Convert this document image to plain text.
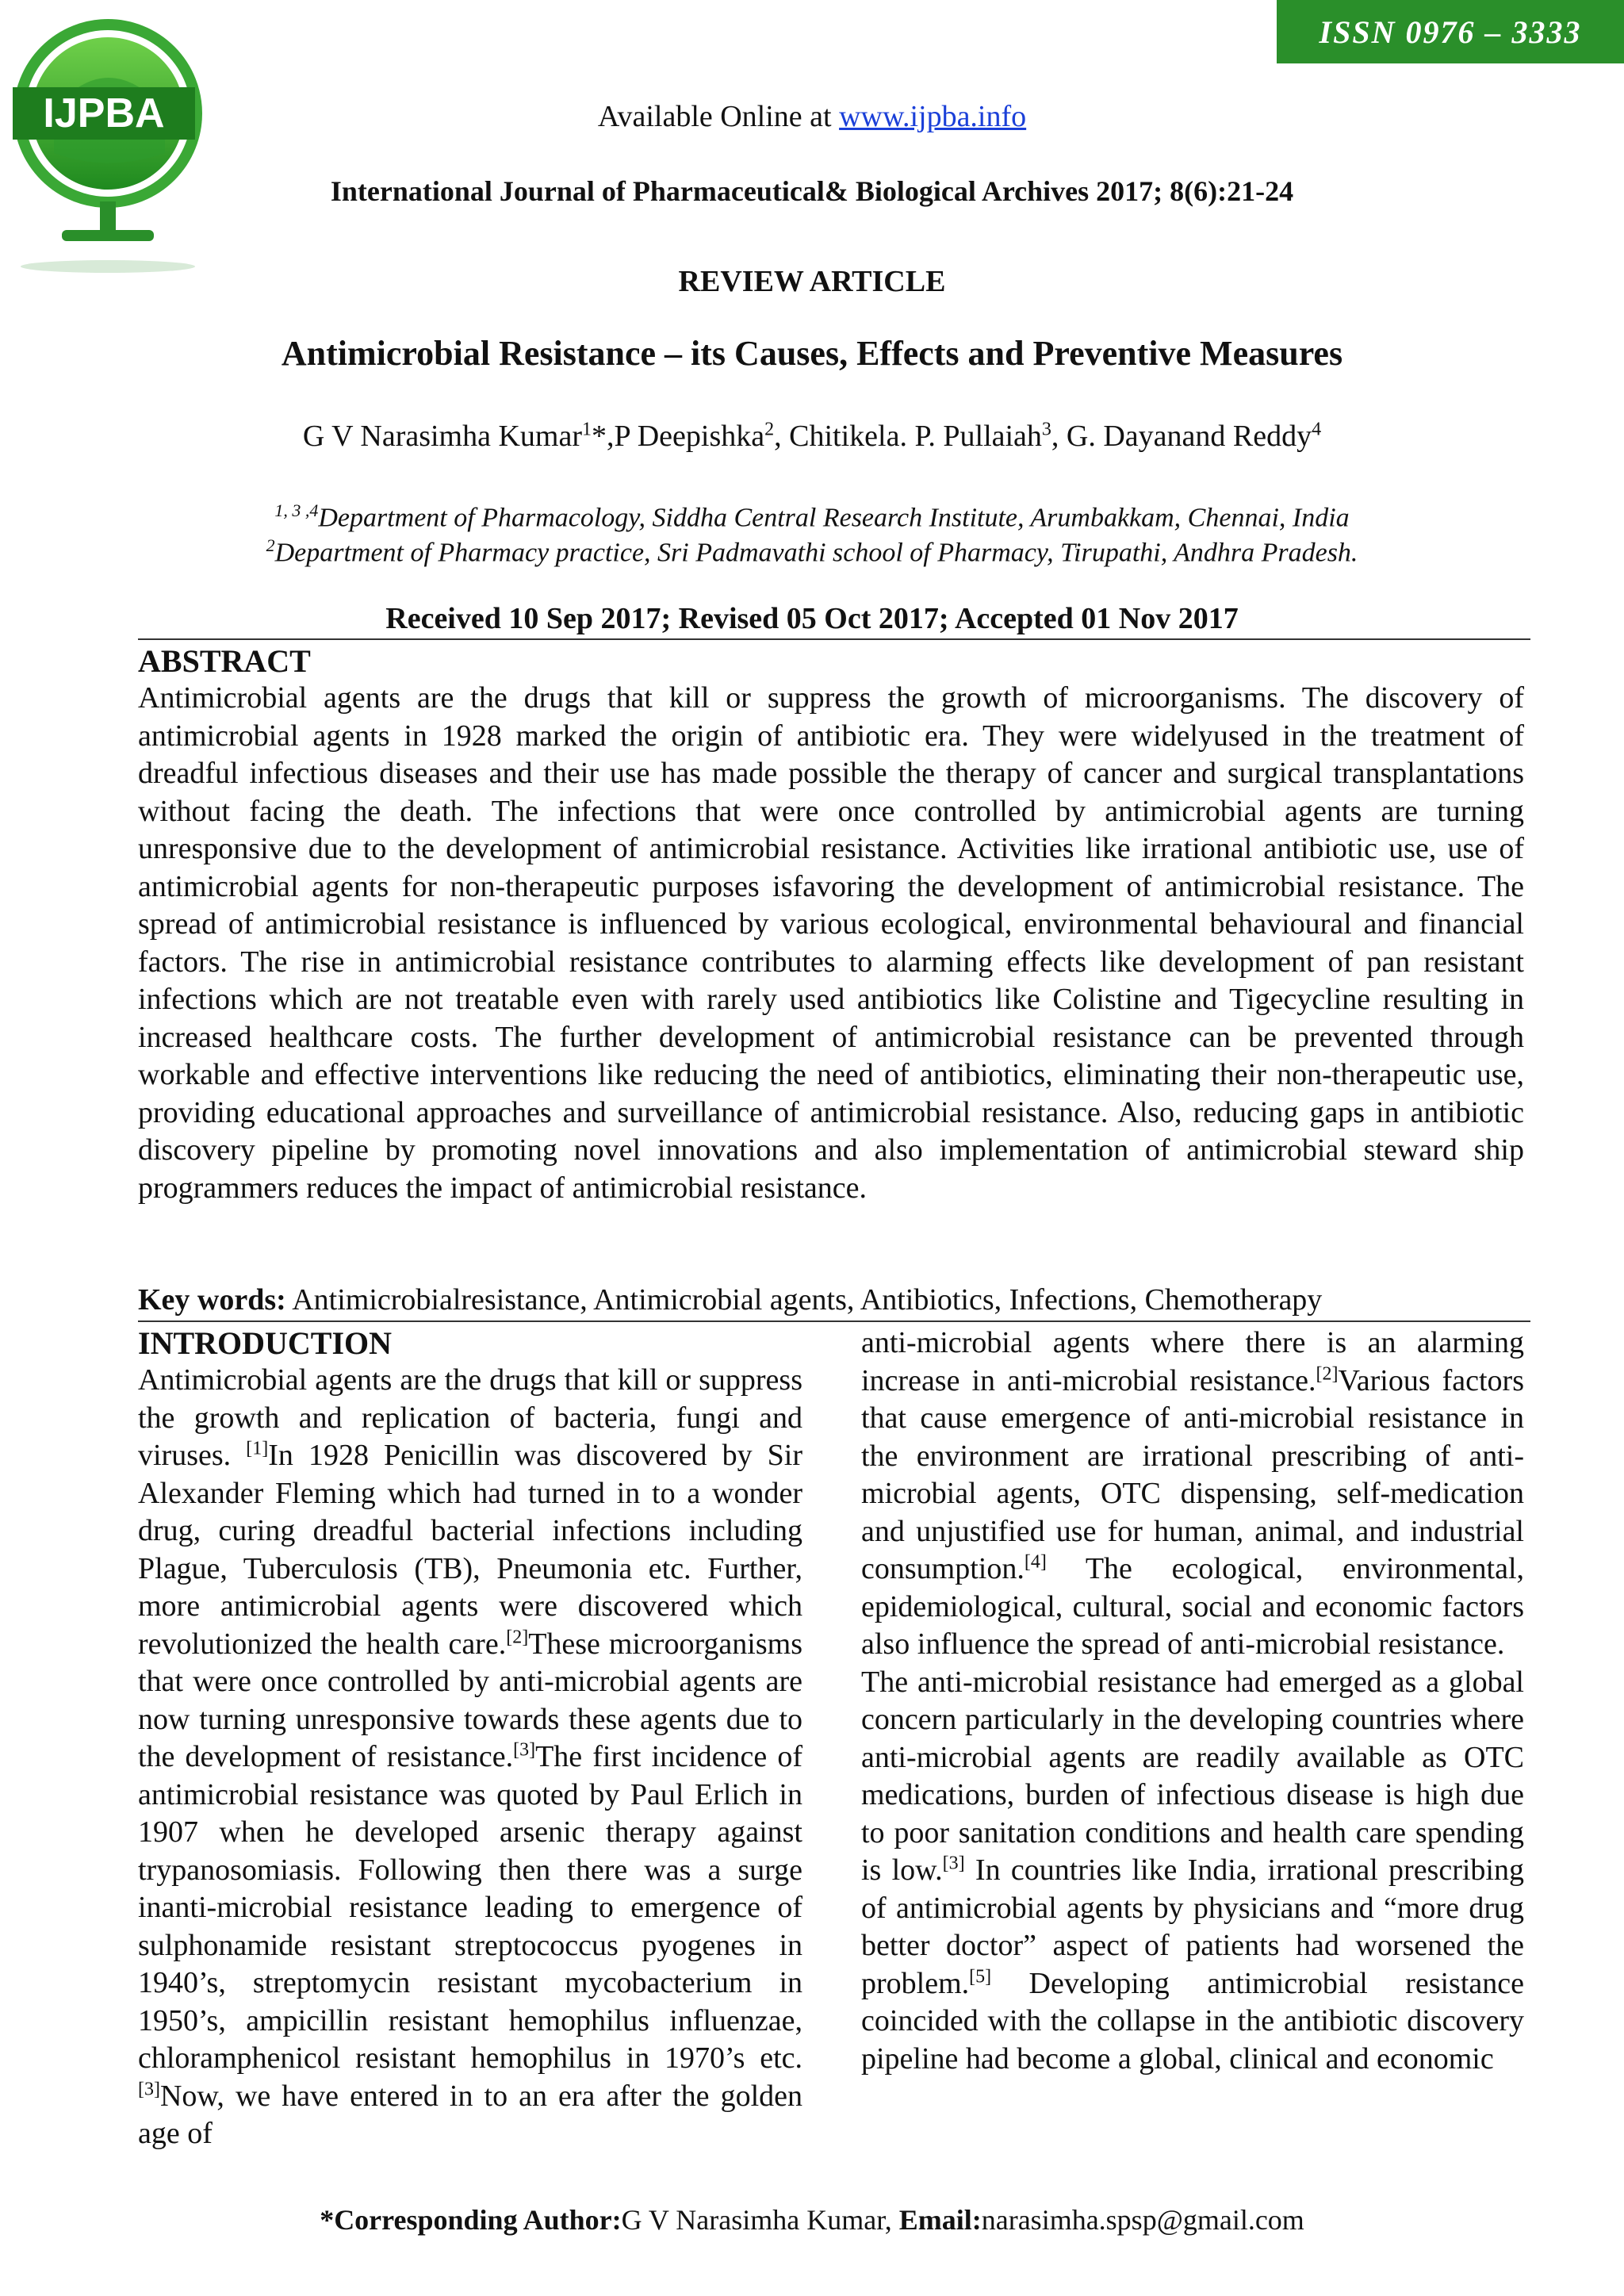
ISSN 0976 – 3333
IJPBA	Available Online at www.ijpba.info
International Journal of Pharmaceutical& Biological Archives 2017; 8(6):21-24
REVIEW ARTICLE
Antimicrobial Resistance – its Causes, Effects and Preventive Measures
G V Narasimha Kumar$^1$*,P Deepishka$^2$, Chitikela. P. Pullaiah$^3$, G. Dayanand Reddy$^4$
$^{1, 3 ,4}$Department of Pharmacology, Siddha Central Research Institute, Arumbakkam, Chennai, India
$^2$Department of Pharmacy practice, Sri Padmavathi school of Pharmacy, Tirupathi, Andhra Pradesh.
Received 10 Sep 2017; Revised 05 Oct 2017; Accepted 01 Nov 2017
ABSTRACT
Antimicrobial agents are the drugs that kill or suppress the growth of microorganisms. The discovery of antimicrobial agents in 1928 marked the origin of antibiotic era. They were widelyused in the treatment of dreadful infectious diseases and their use has made possible the therapy of cancer and surgical transplantations without facing the death. The infections that were once controlled by antimicrobial agents are turning unresponsive due to the development of antimicrobial resistance. Activities like irrational antibiotic use, use of antimicrobial agents for non-therapeutic purposes isfavoring the development of antimicrobial resistance. The spread of antimicrobial resistance is influenced by various ecological, environmental behavioural and financial factors. The rise in antimicrobial resistance contributes to alarming effects like development of pan resistant infections which are not treatable even with rarely used antibiotics like Colistine and Tigecycline resulting in increased healthcare costs. The further development of antimicrobial resistance can be prevented through workable and effective interventions like reducing the need of antibiotics, eliminating their non-therapeutic use, providing educational approaches and surveillance of antimicrobial resistance. Also, reducing gaps in antibiotic discovery pipeline by promoting novel innovations and also implementation of antimicrobial steward ship programmers reduces the impact of antimicrobial resistance.
Key words: Antimicrobialresistance, Antimicrobial agents, Antibiotics, Infections, Chemotherapy
INTRODUCTION
Antimicrobial agents are the drugs that kill or suppress the growth and replication of bacteria, fungi and viruses. [1]In 1928 Penicillin was discovered by Sir Alexander Fleming which had turned in to a wonder drug, curing dreadful bacterial infections including Plague, Tuberculosis (TB), Pneumonia etc. Further, more antimicrobial agents were discovered which revolutionized the health care.[2]These microorganisms that were once controlled by anti-microbial agents are now turning unresponsive towards these agents due to the development of resistance.[3]The first incidence of antimicrobial resistance was quoted by Paul Erlich in 1907 when he developed arsenic therapy against trypanosomiasis. Following then there was a surge inanti-microbial resistance leading to emergence of sulphonamide resistant streptococcus pyogenes in 1940’s, streptomycin resistant mycobacterium in 1950’s, ampicillin resistant hemophilus influenzae, chloramphenicol resistant hemophilus in 1970’s etc. [3]Now, we have entered in to an era after the golden age of
anti-microbial agents where there is an alarming increase in anti-microbial resistance.[2]Various factors that cause emergence of anti-microbial resistance in the environment are irrational prescribing of anti-microbial agents, OTC dispensing, self-medication and unjustified use for human, animal, and industrial consumption.[4] The ecological, environmental, epidemiological, cultural, social and economic factors also influence the spread of anti-microbial resistance.
The anti-microbial resistance had emerged as a global concern particularly in the developing countries where anti-microbial agents are readily available as OTC medications, burden of infectious disease is high due to poor sanitation conditions and health care spending is low.[3] In countries like India, irrational prescribing of antimicrobial agents by physicians and “more drug better doctor” aspect of patients had worsened the problem.[5] Developing antimicrobial resistance coincided with the collapse in the antibiotic discovery pipeline had become a global, clinical and economic
*Corresponding Author:G V Narasimha Kumar, Email:narasimha.spsp@gmail.com
